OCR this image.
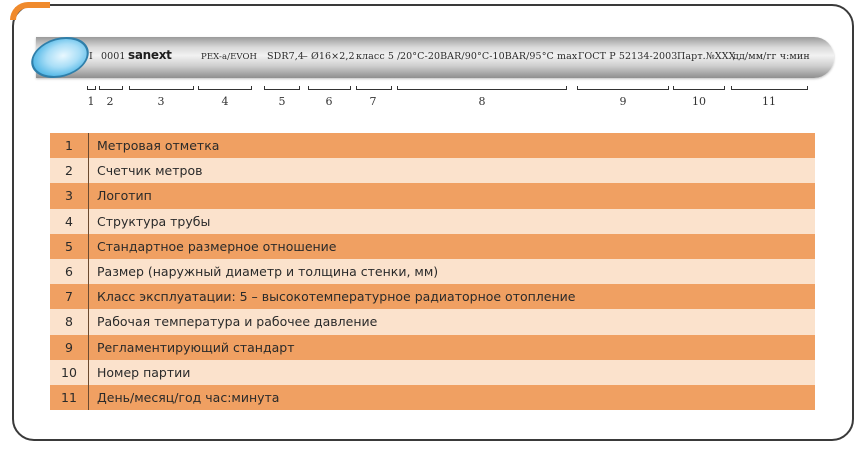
I 0001 sanext	PEX-a/EVOH SDR7,4 – Ø16×2,2 класс 5 / 20°C-20BAR/90°C-10BAR/95°C max ГОСТ Р 52134-2003 Парт.№XXX
дд/мм/гг ч:мин
1	2	3	4	5	6	7	8	9	10	11
1	Метровая отметка
2	Счетчик метров
3	Логотип
4	Структура трубы
5	Стандартное размерное отношение
6	Размер (наружный диаметр и толщина стенки, мм)
7	Класс эксплуатации: 5 – высокотемпературное радиаторное отопление
8	Рабочая температура и рабочее давление
9	Регламентирующий стандарт
10	Номер партии
11	День/месяц/год час:минута
